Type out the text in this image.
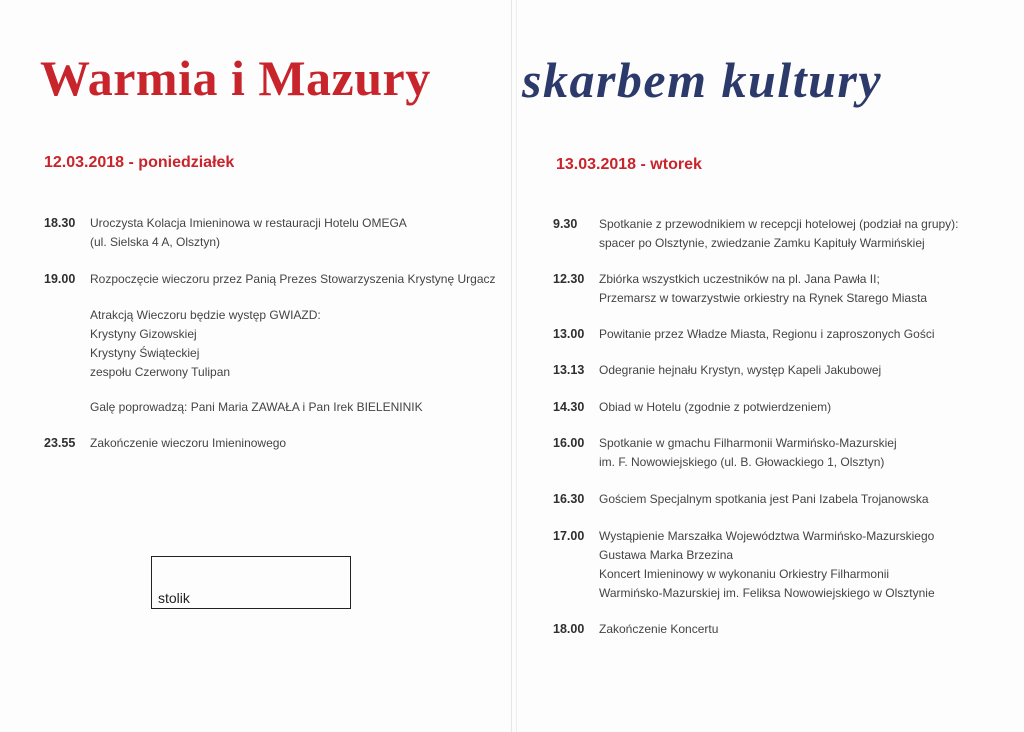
Warmia i Mazury skarbem kultury
12.03.2018 - poniedziałek
18.30	Uroczysta Kolacja Imieninowa w restauracji Hotelu OMEGA
(ul. Sielska 4 A, Olsztyn)
19.00	Rozpoczęcie wieczoru przez Panią Prezes Stowarzyszenia Krystynę Urgacz
Atrakcją Wieczoru będzie występ GWIAZD:
Krystyny Gizowskiej
Krystyny Świąteckiej
zespołu Czerwony Tulipan
Galę poprowadzą: Pani Maria ZAWAŁA i Pan Irek BIELENINIK
23.55	Zakończenie wieczoru Imieninowego
stolik
13.03.2018 - wtorek
9.30	Spotkanie z przewodnikiem w recepcji hotelowej (podział na grupy):
spacer po Olsztynie, zwiedzanie Zamku Kapituły Warmińskiej
12.30	Zbiórka wszystkich uczestników na pl. Jana Pawła II;
Przemarsz w towarzystwie orkiestry na Rynek Starego Miasta
13.00	Powitanie przez Władze Miasta, Regionu i zaproszonych Gości
13.13	Odegranie hejnału Krystyn, występ Kapeli Jakubowej
14.30	Obiad w Hotelu (zgodnie z potwierdzeniem)
16.00	Spotkanie w gmachu Filharmonii Warmińsko-Mazurskiej
im. F. Nowowiejskiego (ul. B. Głowackiego 1, Olsztyn)
16.30	Gościem Specjalnym spotkania jest Pani Izabela Trojanowska
17.00	Wystąpienie Marszałka Województwa Warmińsko-Mazurskiego
Gustawa Marka Brzezina
Koncert Imieninowy w wykonaniu Orkiestry Filharmonii
Warmińsko-Mazurskiej im. Feliksa Nowowiejskiego w Olsztynie
18.00	Zakończenie Koncertu
